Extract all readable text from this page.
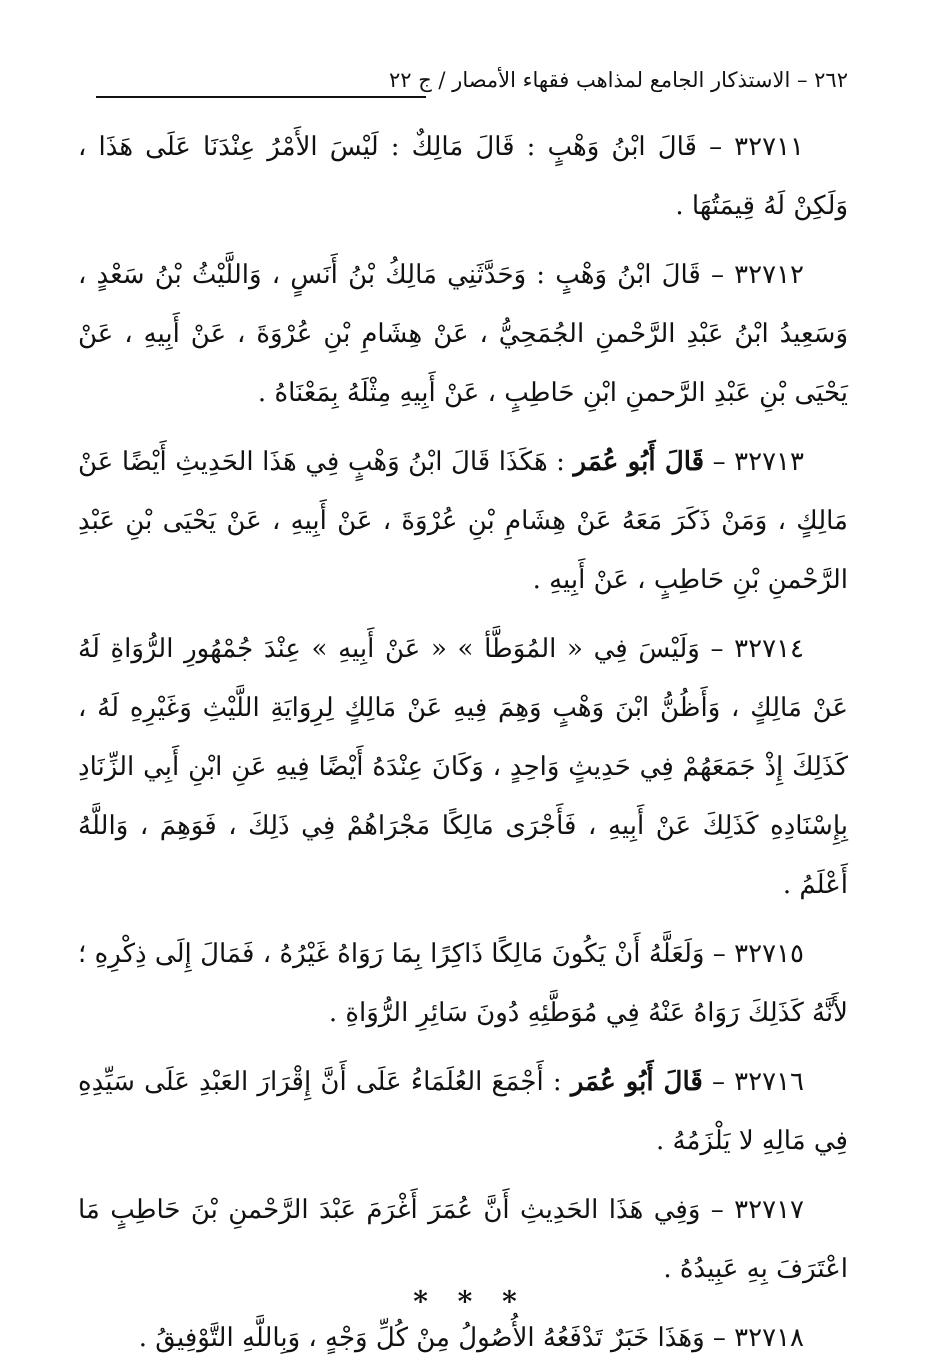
٢٦٢ – الاستذكار الجامع لمذاهب فقهاء الأمصار / ج ٢٢

٣٢٧١١ – قَالَ ابْنُ وَهْبٍ : قَالَ مَالِكٌ : لَيْسَ الأَمْرُ عِنْدَنَا عَلَى هَذَا ، وَلَكِنْ لَهُ قِيمَتُهَا .

٣٢٧١٢ – قَالَ ابْنُ وَهْبٍ : وَحَدَّثَنِي مَالِكُ بْنُ أَنَسٍ ، وَاللَّيْثُ بْنُ سَعْدٍ ، وَسَعِيدُ ابْنُ عَبْدِ الرَّحْمنِ الجُمَحِيُّ ، عَنْ هِشَامِ بْنِ عُرْوَةَ ، عَنْ أَبِيهِ ، عَنْ يَحْيَى بْنِ عَبْدِ الرَّحمنِ ابْنِ حَاطِبٍ ، عَنْ أَبِيهِ مِثْلَهُ بِمَعْنَاهُ .

٣٢٧١٣ – قَالَ أَبُو عُمَر : هَكَذَا قَالَ ابْنُ وَهْبٍ فِي هَذَا الحَدِيثِ أَيْضًا عَنْ مَالِكٍ ، وَمَنْ ذَكَرَ مَعَهُ عَنْ هِشَامِ بْنِ عُرْوَةَ ، عَنْ أَبِيهِ ، عَنْ يَحْيَى بْنِ عَبْدِ الرَّحْمنِ بْنِ حَاطِبٍ ، عَنْ أَبِيهِ .

٣٢٧١٤ – وَلَيْسَ فِي « المُوَطَّأ » « عَنْ أَبِيهِ » عِنْدَ جُمْهُورِ الرُّوَاةِ لَهُ عَنْ مَالِكٍ ، وَأَظُنُّ ابْنَ وَهْبٍ وَهِمَ فِيهِ عَنْ مَالِكٍ لِرِوَايَةِ اللَّيْثِ وَغَيْرِهِ لَهُ ، كَذَلِكَ إِذْ جَمَعَهُمْ فِي حَدِيثٍ وَاحِدٍ ، وَكَانَ عِنْدَهُ أَيْضًا فِيهِ عَنِ ابْنِ أَبِي الزِّنَادِ بِإِسْنَادِهِ كَذَلِكَ عَنْ أَبِيهِ ، فَأَجْرَى مَالِكًا مَجْرَاهُمْ فِي ذَلِكَ ، فَوَهِمَ ، وَاللَّهُ أَعْلَمُ .

٣٢٧١٥ – وَلَعَلَّهُ أَنْ يَكُونَ مَالِكًا ذَاكِرًا بِمَا رَوَاهُ غَيْرُهُ ، فَمَالَ إِلَى ذِكْرِهِ ؛ لأَنَّهُ كَذَلِكَ رَوَاهُ عَنْهُ فِي مُوَطَّئِهِ دُونَ سَائِرِ الرُّوَاةِ .

٣٢٧١٦ – قَالَ أَبُو عُمَر : أَجْمَعَ العُلَمَاءُ عَلَى أَنَّ إِقْرَارَ العَبْدِ عَلَى سَيِّدِهِ فِي مَالِهِ لا يَلْزَمُهُ .

٣٢٧١٧ – وَفِي هَذَا الحَدِيثِ أَنَّ عُمَرَ أَغْرَمَ عَبْدَ الرَّحْمنِ بْنَ حَاطِبٍ مَا اعْتَرَفَ بِهِ عَبِيدُهُ .

٣٢٧١٨ – وَهَذَا خَبَرٌ تَدْفَعُهُ الأُصُولُ مِنْ كُلِّ وَجْهٍ ، وَبِاللَّهِ التَّوْفِيقُ .

* * *
